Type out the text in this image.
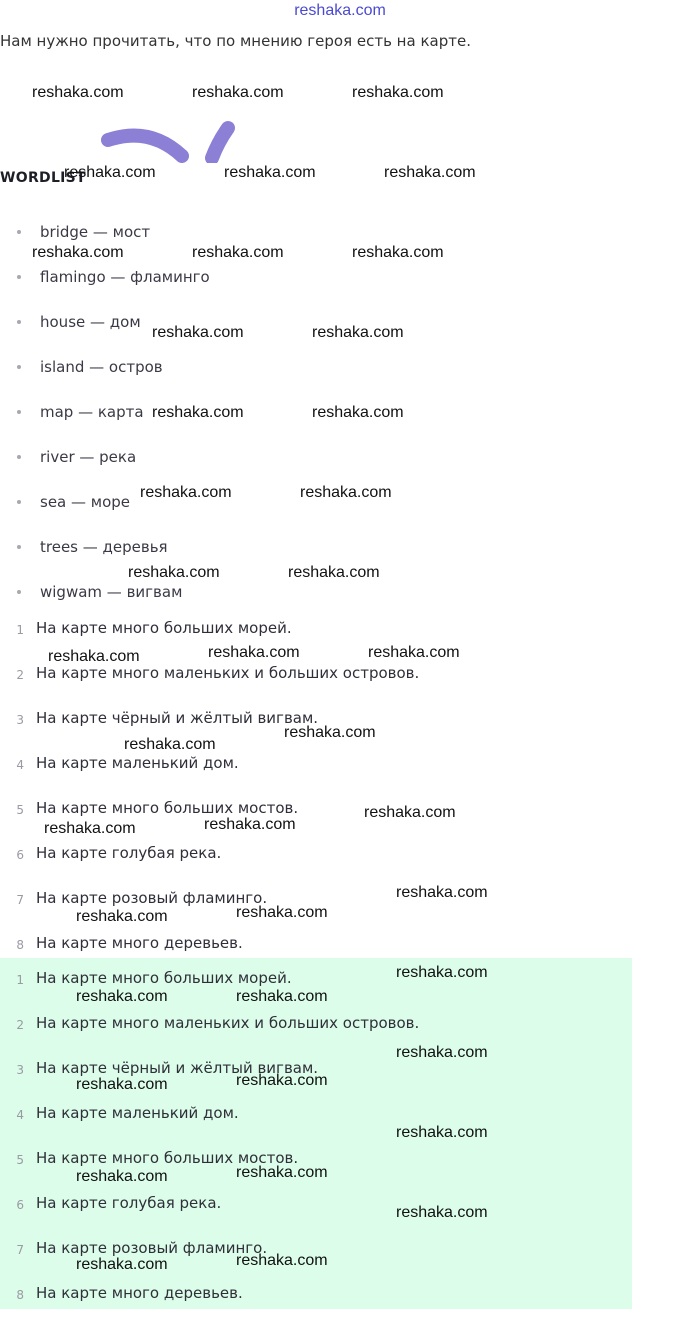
reshaka.com
Нам нужно прочитать, что по мнению героя есть на карте.
WORDLIST
bridge — мост
flamingo — фламинго
house — дом
island — остров
map — карта
river — река
sea — море
trees — деревья
wigwam — вигвам
1 На карте много больших морей.
2 На карте много маленьких и больших островов.
3 На карте чёрный и жёлтый вигвам.
4 На карте маленький дом.
5 На карте много больших мостов.
6 На карте голубая река.
7 На карте розовый фламинго.
8 На карте много деревьев.
1 На карте много больших морей.
2 На карте много маленьких и больших островов.
3 На карте чёрный и жёлтый вигвам.
4 На карте маленький дом.
5 На карте много больших мостов.
6 На карте голубая река.
7 На карте розовый фламинго.
8 На карте много деревьев.
reshaka.com	reshaka.com	reshaka.com
reshaka.com	reshaka.com	reshaka.com
reshaka.com	reshaka.com	reshaka.com
reshaka.com	reshaka.com
reshaka.com	reshaka.com
reshaka.com	reshaka.com
reshaka.com	reshaka.com
reshaka.com	reshaka.com	reshaka.com
reshaka.com
reshaka.com
reshaka.com
reshaka.com	reshaka.com
reshaka.com
reshaka.com	reshaka.com
reshaka.com
reshaka.com	reshaka.com
reshaka.com
reshaka.com	reshaka.com
reshaka.com
reshaka.com	reshaka.com
reshaka.com
reshaka.com	reshaka.com
